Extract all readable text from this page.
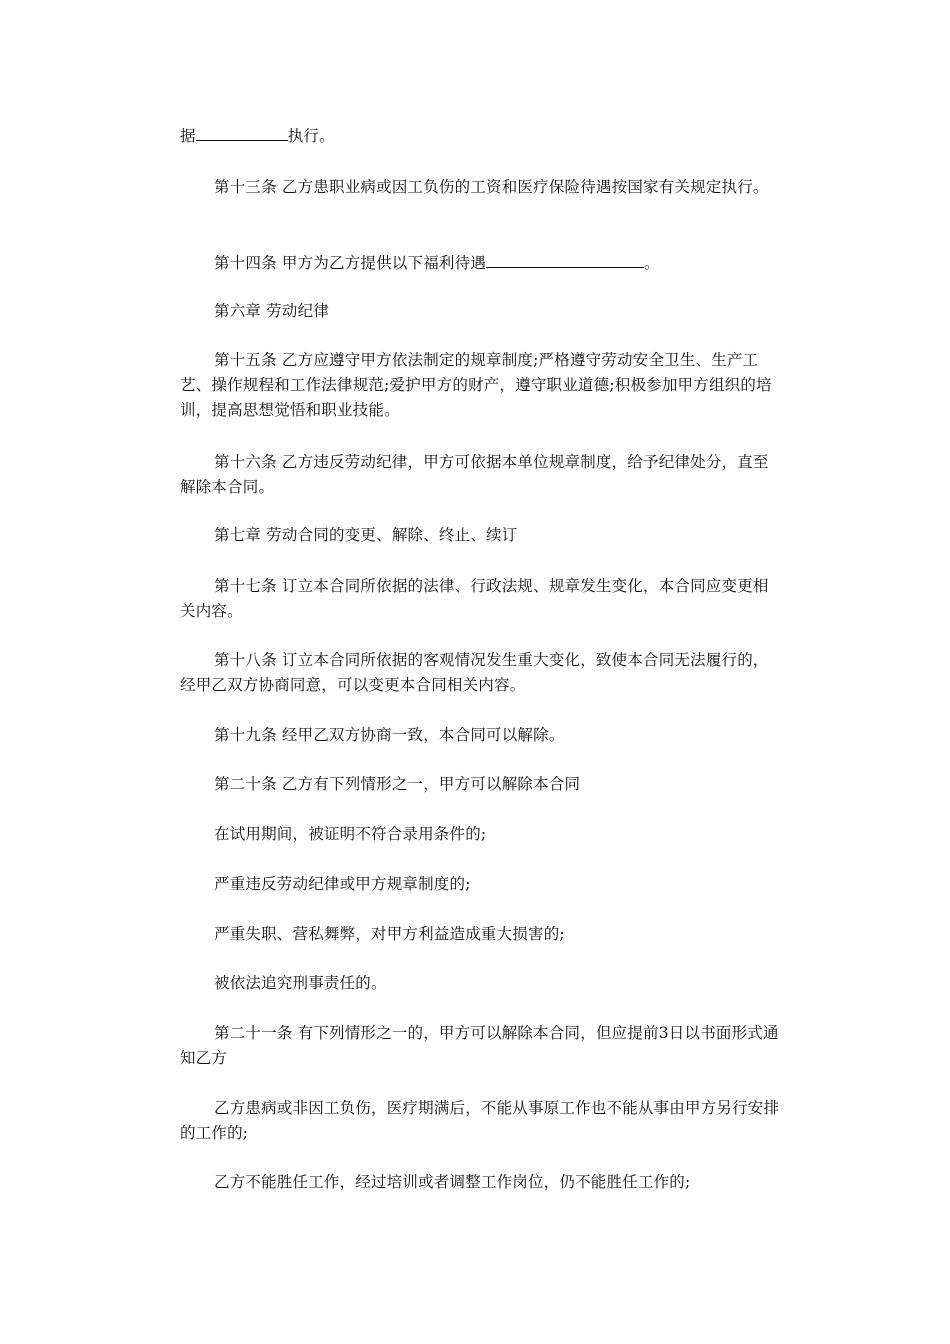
据	执行。

第十三条 乙方患职业病或因工负伤的工资和医疗保险待遇按国家有关规定执行。

第十四条 甲方为乙方提供以下福利待遇	。

第六章 劳动纪律

第十五条 乙方应遵守甲方依法制定的规章制度;严格遵守劳动安全卫生、生产工艺、操作规程和工作法律规范;爱护甲方的财产，遵守职业道德;积极参加甲方组织的培训，提高思想觉悟和职业技能。

第十六条 乙方违反劳动纪律，甲方可依据本单位规章制度，给予纪律处分，直至解除本合同。

第七章 劳动合同的变更、解除、终止、续订

第十七条 订立本合同所依据的法律、行政法规、规章发生变化，本合同应变更相关内容。

第十八条 订立本合同所依据的客观情况发生重大变化，致使本合同无法履行的，经甲乙双方协商同意，可以变更本合同相关内容。

第十九条 经甲乙双方协商一致，本合同可以解除。

第二十条 乙方有下列情形之一，甲方可以解除本合同

在试用期间，被证明不符合录用条件的;

严重违反劳动纪律或甲方规章制度的;

严重失职、营私舞弊，对甲方利益造成重大损害的;

被依法追究刑事责任的。

第二十一条 有下列情形之一的，甲方可以解除本合同，但应提前3日以书面形式通知乙方

乙方患病或非因工负伤，医疗期满后，不能从事原工作也不能从事由甲方另行安排的工作的;

乙方不能胜任工作，经过培训或者调整工作岗位，仍不能胜任工作的;
